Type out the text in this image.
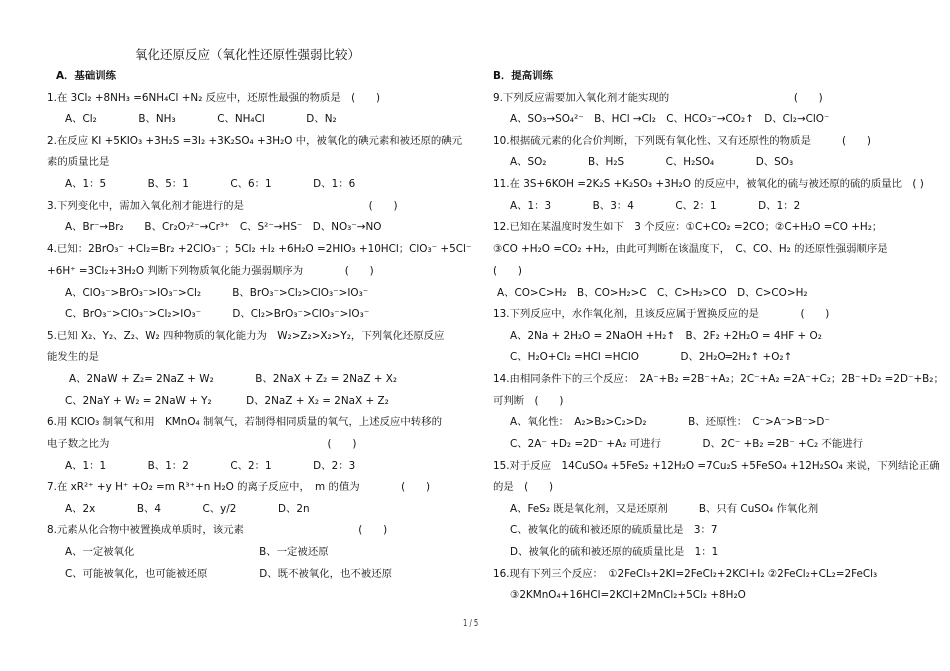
氧化还原反应（氧化性还原性强弱比较）
A．基础训练
1.在 3Cl₂ +8NH₃ =6NH₄Cl +N₂ 反应中，还原性最强的物质是　(　　)
A、Cl₂　　　　B、NH₃　　　　C、NH₄Cl　　　　D、N₂
2.在反应 KI +5KIO₃ +3H₂S =3I₂ +3K₂SO₄ +3H₂O 中，被氧化的碘元素和被还原的碘元
素的质量比是
A、1：5　　　　B、5：1　　　　C、6：1　　　　D、1：6
3.下列变化中，需加入氧化剂才能进行的是　　　　　　　　　　　　(　　)
A、Br⁻→Br₂　　B、Cr₂O₇²⁻→Cr³⁺　C、S²⁻→HS⁻　D、NO₃⁻→NO
4.已知：2BrO₃⁻ +Cl₂=Br₂ +2ClO₃⁻ ；5Cl₂ +I₂ +6H₂O =2HIO₃ +10HCl；ClO₃⁻ +5Cl⁻
+6H⁺ =3Cl₂+3H₂O 判断下列物质氧化能力强弱顺序为　　　　(　　)
A、ClO₃⁻>BrO₃⁻>IO₃⁻>Cl₂　　　B、BrO₃⁻>Cl₂>ClO₃⁻>IO₃⁻
C、BrO₃⁻>ClO₃⁻>Cl₂>IO₃⁻　　　D、Cl₂>BrO₃⁻>ClO₃⁻>IO₃⁻
5.已知 X₂、Y₂、Z₂、W₂ 四种物质的氧化能力为　W₂>Z₂>X₂>Y₂，下列氧化还原反应
能发生的是
A、2NaW + Z₂= 2NaZ + W₂　　　　B、2NaX + Z₂ = 2NaZ + X₂
C、2NaY + W₂ = 2NaW + Y₂　　　 D、2NaZ + X₂ = 2NaX + Z₂
6.用 KClO₃ 制氧气和用　KMnO₄ 制氧气，若制得相同质量的氧气，上述反应中转移的
电子数之比为　　　　　　　　　　　　　　　　　　　　　(　　)
A、1：1　　　　B、1：2　　　　C、2：1　　　　D、2：3
7.在 xR²⁺ +y H⁺ +O₂ =m R³⁺+n H₂O 的离子反应中，　m 的值为　　　　(　　)
A、2x　　　　B、4　　　　C、y/2　　　　D、2n
8.元素从化合物中被置换成单质时，该元素　　　　　　　　　　　(　　)
A、一定被氧化　　　　　　　　　　　　B、一定被还原
C、可能被氧化，也可能被还原　　　　　D、既不被氧化，也不被还原
B．提高训练
9.下列反应需要加入氧化剂才能实现的　　　　　　　　　　　　(　　)
A、SO₃→SO₄²⁻　B、HCl →Cl₂　C、HCO₃⁻→CO₂↑　D、Cl₂→ClO⁻
10.根据硫元素的化合价判断，下列既有氧化性、又有还原性的物质是　　　(　　)
A、SO₂　　　　B、H₂S　　　　C、H₂SO₄　　　　D、SO₃
11.在 3S+6KOH =2K₂S +K₂SO₃ +3H₂O 的反应中，被氧化的硫与被还原的硫的质量比　( )
A、1：3　　　　B、3：4　　　　C、2：1　　　　D、1：2
12.已知在某温度时发生如下　3 个反应：①C+CO₂ =2CO；②C+H₂O =CO +H₂；
③CO +H₂O =CO₂ +H₂，由此可判断在该温度下，　C、CO、H₂ 的还原性强弱顺序是
(　　)
A、CO>C>H₂　B、CO>H₂>C　C、C>H₂>CO　D、C>CO>H₂
13.下列反应中，水作氧化剂，且该反应属于置换反应的是　　　　(　　)
A、2Na + 2H₂O = 2NaOH +H₂↑　B、2F₂ +2H₂O = 4HF + O₂
C、H₂O+Cl₂ =HCl =HClO　　　　D、2H₂O═2H₂↑ +O₂↑
14.由相同条件下的三个反应：　2A⁻+B₂ =2B⁻+A₂；2C⁻+A₂ =2A⁻+C₂；2B⁻+D₂ =2D⁻+B₂；
可判断　(　　)
A、氧化性：　A₂>B₂>C₂>D₂　　　　B、还原性：　C⁻>A⁻>B⁻>D⁻
C、2A⁻ +D₂ =2D⁻ +A₂ 可进行　　　　D、2C⁻ +B₂ =2B⁻ +C₂ 不能进行
15.对于反应　14CuSO₄ +5FeS₂ +12H₂O =7Cu₂S +5FeSO₄ +12H₂SO₄ 来说，下列结论正确
的是　(　　)
A、FeS₂ 既是氧化剂，又是还原剂　　　B、只有 CuSO₄ 作氧化剂
C、被氧化的硫和被还原的硫质量比是　3：7
D、被氧化的硫和被还原的硫质量比是　1：1
16.现有下列三个反应：　①2FeCl₃+2KI=2FeCl₂+2KCl+I₂ ②2FeCl₂+CL₂=2FeCl₃
③2KMnO₄+16HCl=2KCl+2MnCl₂+5Cl₂ +8H₂O
1 / 5
